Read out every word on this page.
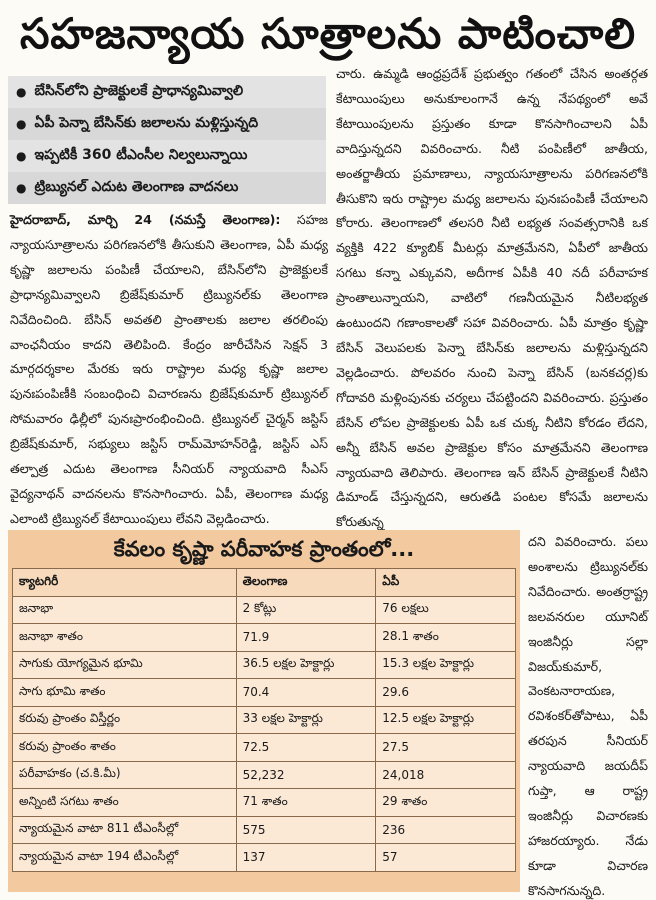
సహజన్యాయ సూత్రాలను పాటించాలి
● బేసిన్‌లోని ప్రాజెక్టులకే ప్రాధాన్యమివ్వాలి
● ఏపీ పెన్నా బేసిన్‌కు జలాలను మళ్లిస్తున్నది
● ఇప్పటికీ 360 టీఎంసీల నిల్వలున్నాయి
● ట్రిబ్యునల్ ఎదుట తెలంగాణ వాదనలు
హైదరాబాద్, మార్చి 24 (నమస్తే తెలంగాణ): సహజ న్యాయసూత్రాలను పరిగణనలోకి తీసుకుని తెలంగాణ, ఏపీ మధ్య కృష్ణా జలాలను పంపిణీ చేయాలని, బేసిన్‌లోని ప్రాజెక్టులకే ప్రాధాన్యమివ్వాలని బ్రిజేష్‌కుమార్ ట్రిబ్యునల్‌కు తెలంగాణ నివేదించింది. బేసిన్ అవతలి ప్రాంతాలకు జలాల తరలింపు వాంఛనీయం కాదని తెలిపింది. కేంద్రం జారీచేసిన సెక్షన్ 3 మార్గదర్శకాల మేరకు ఇరు రాష్ట్రాల మధ్య కృష్ణా జలాల పునఃపంపిణీకి సంబంధించి విచారణను బ్రిజేష్‌కుమార్ ట్రిబ్యునల్ సోమవారం ఢిల్లీలో పునఃప్రారంభించింది. ట్రిబ్యునల్ చైర్మన్ జస్టిస్ బ్రిజేష్‌కుమార్, సభ్యులు జస్టిస్ రామ్‌మోహన్‌రెడ్డి, జస్టిస్ ఎస్ తల్పాత్ర ఎదుట తెలంగాణ సీనియర్ న్యాయవాది సీఎస్ వైద్యనాథన్ వాదనలను కొనసాగించారు. ఏపీ, తెలంగాణ మధ్య ఎలాంటి ట్రిబ్యునల్ కేటాయింపులు లేవని వెల్లడించారు.
చారు. ఉమ్మడి ఆంధ్రప్రదేశ్ ప్రభుత్వం గతంలో చేసిన అంతర్గత కేటాయింపులు అనుకూలంగానే ఉన్న నేపథ్యంలో అవే కేటాయింపులను ప్రస్తుతం కూడా కొనసాగించాలని ఏపీ వాదిస్తున్నదని వివరించారు. నీటి పంపిణీలో జాతీయ, అంతర్జాతీయ ప్రమాణాలు, న్యాయసూత్రాలను పరిగణనలోకి తీసుకొని ఇరు రాష్ట్రాల మధ్య జలాలను పునఃపంపిణీ చేయాలని కోరారు. తెలంగాణలో తలసరి నీటి లభ్యత సంవత్సరానికి ఒక వ్యక్తికి 422 క్యూబిక్ మీటర్లు మాత్రమేనని, ఏపీలో జాతీయ సగటు కన్నా ఎక్కువని, అదీగాక ఏపీకి 40 నదీ పరీవాహక ప్రాంతాలున్నాయని, వాటిలో గణనీయమైన నీటిలభ్యత ఉంటుందని గణాంకాలతో సహా వివరించారు. ఏపీ మాత్రం కృష్ణా బేసిన్ వెలుపలకు పెన్నా బేసిన్‌కు జలాలను మళ్లిస్తున్నదని వెల్లడించారు. పోలవరం నుంచి పెన్నా బేసిన్ (బనకచర్ల)కు గోదావరి మళ్లింపునకు చర్యలు చేపట్టిందని వివరించారు. ప్రస్తుతం బేసిన్ లోపల ప్రాజెక్టులకు ఏపీ ఒక చుక్క నీటిని కోరడం లేదని, అన్నీ బేసిన్ అవల ప్రాజెక్టుల కోసం మాత్రమేనని తెలంగాణ న్యాయవాది తెలిపారు. తెలంగాణ ఇన్ బేసిన్ ప్రాజెక్టులకే నీటిని డిమాండ్ చేస్తున్నదని, ఆరుతడి పంటల కోసమే జలాలను కోరుతున్న
దని వివరించారు. పలు అంశాలను ట్రిబ్యునల్‌కు నివేదించారు. అంతర్రాష్ట్ర జలవనరుల యూనిట్ ఇంజినీర్లు సల్లా విజయ్‌కుమార్, వెంకటనారాయణ, రవిశంకర్‌తోపాటు, ఏపీ తరపున సీనియర్ న్యాయవాది జయదీప్ గుప్తా, ఆ రాష్ట్ర ఇంజినీర్లు విచారణకు హాజరయ్యారు. నేడు కూడా విచారణ కొనసాగనున్నది.
కేవలం కృష్ణా పరీవాహక ప్రాంతంలో...
క్యాటగిరీ	తెలంగాణ	ఏపీ
జనాభా	2 కోట్లు	76 లక్షలు
జనాభా శాతం	71.9	28.1 శాతం
సాగుకు యోగ్యమైన భూమి	36.5 లక్షల హెక్టార్లు	15.3 లక్షల హెక్టార్లు
సాగు భూమి శాతం	70.4	29.6
కరువు ప్రాంతం విస్తీర్ణం	33 లక్షల హెక్టార్లు	12.5 లక్షల హెక్టార్లు
కరువు ప్రాంతం శాతం	72.5	27.5
పరీవాహకం (చ.కి.మీ)	52,232	24,018
అన్నింటి సగటు శాతం	71 శాతం	29 శాతం
న్యాయమైన వాటా 811 టీఎంసీల్లో	575	236
న్యాయమైన వాటా 194 టీఎంసీల్లో	137	57
